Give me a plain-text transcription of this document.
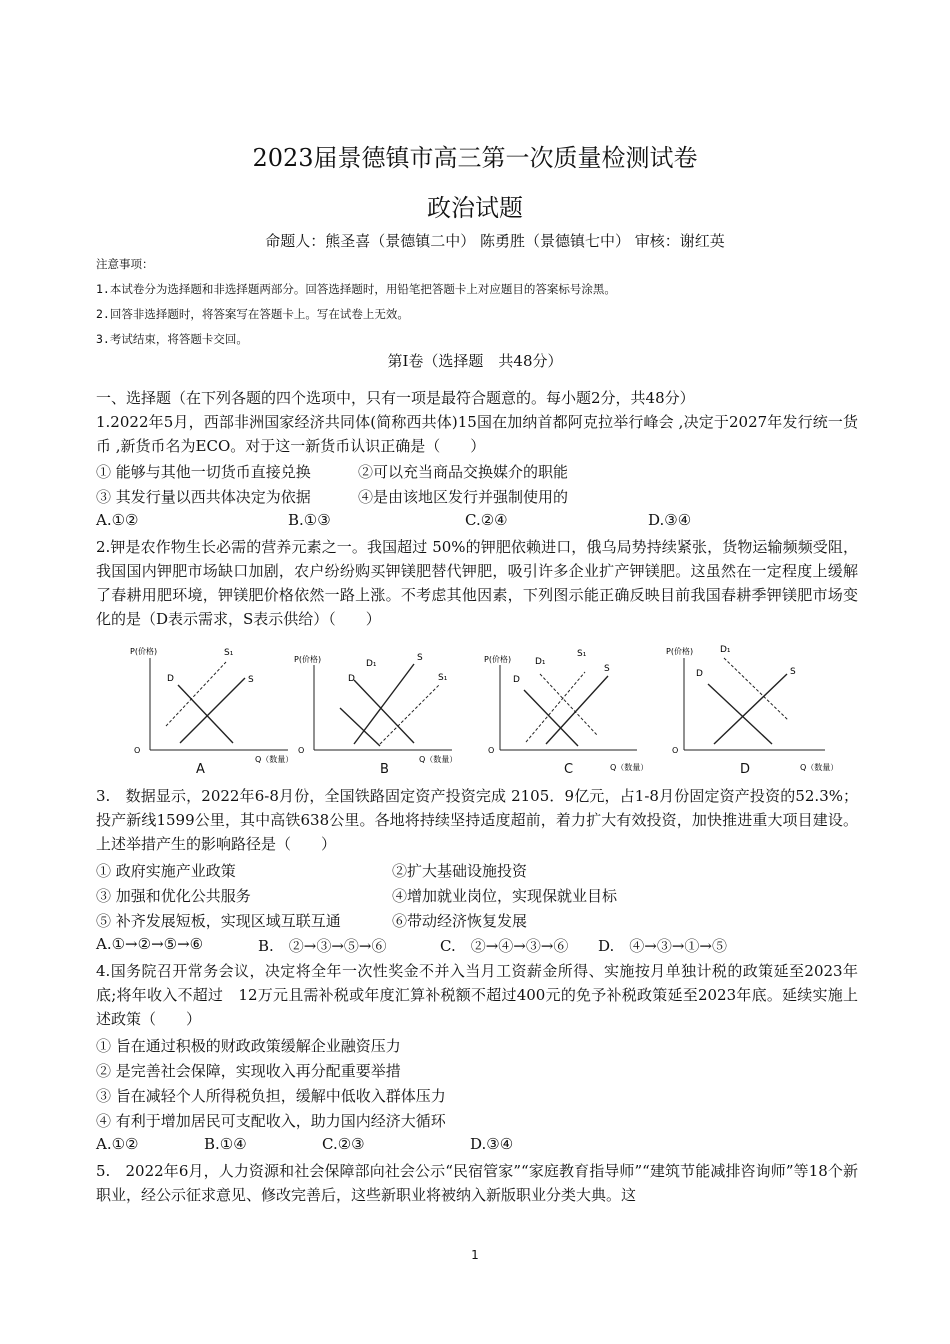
2023届景德镇市高三第一次质量检测试卷
政治试题
命题人：熊圣喜（景德镇二中） 陈勇胜（景德镇七中） 审核：谢红英
注意事项：
1.本试卷分为选择题和非选择题两部分。回答选择题时，用铅笔把答题卡上对应题目的答案标号涂黑。
2.回答非选择题时，将答案写在答题卡上。写在试卷上无效。
3.考试结束，将答题卡交回。
第Ⅰ卷（选择题　共48分）
一、选择题（在下列各题的四个选项中，只有一项是最符合题意的。每小题2分，共48分）
1.2022年5月，西部非洲国家经济共同体(简称西共体)15国在加纳首都阿克拉举行峰会 ,决定于2027年发行统一货币 ,新货币名为ECO。对于这一新货币认识正确是（　　）
① 能够与其他一切货币直接兑换	②可以充当商品交换媒介的职能
③ 其发行量以西共体决定为依据	④是由该地区发行并强制使用的
A.①②	B.①③	C.②④	D.③④
2.钾是农作物生长必需的营养元素之一。我国超过 50%的钾肥依赖进口，俄乌局势持续紧张，货物运输频频受阻，我国国内钾肥市场缺口加剧，农户纷纷购买钾镁肥替代钾肥，吸引许多企业扩产钾镁肥。这虽然在一定程度上缓解了春耕用肥环境，钾镁肥价格依然一路上涨。不考虑其他因素，下列图示能正确反映目前我国春耕季钾镁肥市场变化的是（D表示需求，S表示供给）（　　）
P(价格)
O
Q（数量）
D	S
S₁
P(价格)
O
Q（数量）
D₁
D
S
S₁
P(价格)
O
Q（数量）
D₁
D
S₁
S
P(价格)
O
Q（数量）
D₁
D	S
A	B	C	D
3.　数据显示，2022年6-8月份，全国铁路固定资产投资完成 2105．9亿元，占1-8月份固定资产投资的52.3%；投产新线1599公里，其中高铁638公里。各地将持续坚持适度超前，着力扩大有效投资，加快推进重大项目建设。上述举措产生的影响路径是（　　）
① 政府实施产业政策	②扩大基础设施投资
③ 加强和优化公共服务	④增加就业岗位，实现保就业目标
⑤ 补齐发展短板，实现区域互联互通	⑥带动经济恢复发展
A.①→②→⑤→⑥	B.　②→③→⑤→⑥	C.　②→④→③→⑥ D.　④→③→①→⑤
4.国务院召开常务会议，决定将全年一次性奖金不并入当月工资薪金所得、实施按月单独计税的政策延至2023年底;将年收入不超过　12万元且需补税或年度汇算补税额不超过400元的免予补税政策延至2023年底。延续实施上述政策（　　）
① 旨在通过积极的财政政策缓解企业融资压力
② 是完善社会保障，实现收入再分配重要举措
③ 旨在减轻个人所得税负担，缓解中低收入群体压力
④ 有利于增加居民可支配收入，助力国内经济大循环
A.①②	B.①④	C.②③	D.③④
5.　2022年6月，人力资源和社会保障部向社会公示“民宿管家”“家庭教育指导师”“建筑节能减排咨询师”等18个新职业，经公示征求意见、修改完善后，这些新职业将被纳入新版职业分类大典。这
1
